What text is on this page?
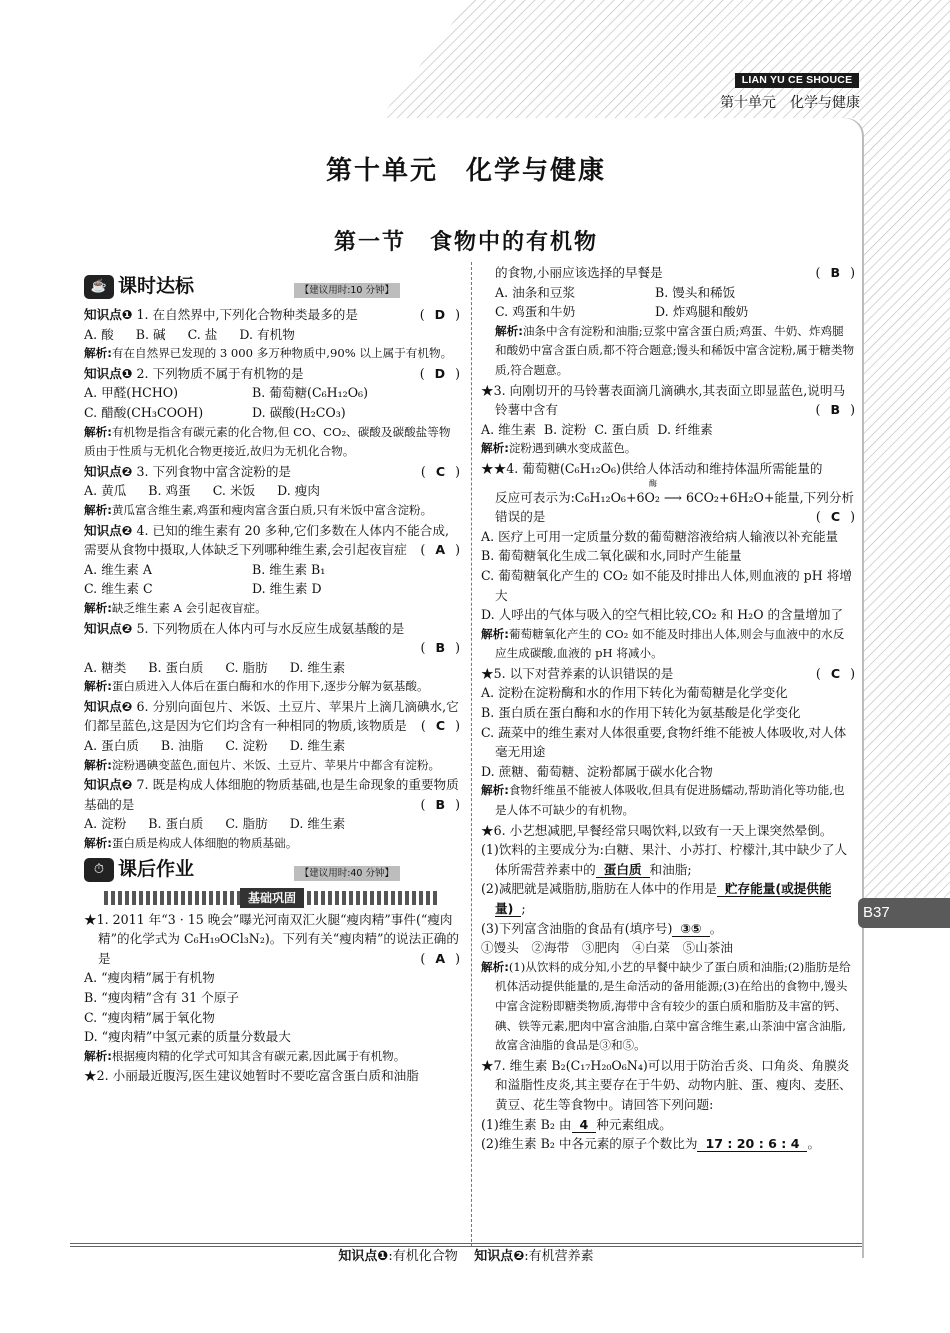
LIAN YU CE SHOUCE
第十单元　化学与健康
B37
第十单元　化学与健康
第一节　食物中的有机物
☕ 课时达标	【建议用时:10 分钟】
( D )
知识点❶ 1. 在自然界中,下列化合物种类最多的是
A. 酸 B. 碱 C. 盐 D. 有机物
解析:有在自然界已发现的 3 000 多万种物质中,90% 以上属于有机物。
( D )
知识点❶ 2. 下列物质不属于有机物的是
A. 甲醛(HCHO)	B. 葡萄糖(C₆H₁₂O₆)
C. 醋酸(CH₃COOH)	D. 碳酸(H₂CO₃)
解析:有机物是指含有碳元素的化合物,但 CO、CO₂、碳酸及碳酸盐等物质由于性质与无机化合物更接近,故归为无机化合物。
( C )
知识点❷ 3. 下列食物中富含淀粉的是
A. 黄瓜 B. 鸡蛋 C. 米饭 D. 瘦肉
解析:黄瓜富含维生素,鸡蛋和瘦肉富含蛋白质,只有米饭中富含淀粉。
知识点❷ 4. 已知的维生素有 20 多种,它们多数在人体内不能合成,需要从食物中摄取,人体缺乏下列哪种维生素,会引起夜盲症 ( A )
A. 维生素 A	B. 维生素 B₁
C. 维生素 C	D. 维生素 D
解析:缺乏维生素 A 会引起夜盲症。
知识点❷ 5. 下列物质在人体内可与水反应生成氨基酸的是
( B )
A. 糖类 B. 蛋白质 C. 脂肪 D. 维生素
解析:蛋白质进入人体后在蛋白酶和水的作用下,逐步分解为氨基酸。
知识点❷ 6. 分别向面包片、米饭、土豆片、苹果片上滴几滴碘水,它们都呈蓝色,这是因为它们均含有一种相同的物质,该物质是 ( C )
A. 蛋白质 B. 油脂 C. 淀粉 D. 维生素
解析:淀粉遇碘变蓝色,面包片、米饭、土豆片、苹果片中都含有淀粉。
知识点❷ 7. 既是构成人体细胞的物质基础,也是生命现象的重要物质基础的是	( B )
A. 淀粉 B. 蛋白质 C. 脂肪 D. 维生素
解析:蛋白质是构成人体细胞的物质基础。
⏱ 课后作业	【建议用时:40 分钟】
基础巩固
★1. 2011 年“3 · 15 晚会”曝光河南双汇火腿“瘦肉精”事件(“瘦肉精”的化学式为 C₆H₁₉OCl₃N₂)。下列有关“瘦肉精”的说法正确的是	( A )
A. “瘦肉精”属于有机物
B. “瘦肉精”含有 31 个原子
C. “瘦肉精”属于氧化物
D. “瘦肉精”中氢元素的质量分数最大
解析:根据瘦肉精的化学式可知其含有碳元素,因此属于有机物。
★2. 小丽最近腹泻,医生建议她暂时不要吃富含蛋白质和油脂
( B )
的食物,小丽应该选择的早餐是
A. 油条和豆浆	B. 馒头和稀饭
C. 鸡蛋和牛奶	D. 炸鸡腿和酸奶
解析:油条中含有淀粉和油脂;豆浆中富含蛋白质;鸡蛋、牛奶、炸鸡腿和酸奶中富含蛋白质,都不符合题意;馒头和稀饭中富含淀粉,属于糖类物质,符合题意。
★3. 向刚切开的马铃薯表面滴几滴碘水,其表面立即显蓝色,说明马铃薯中含有	( B )
A. 维生素 B. 淀粉 C. 蛋白质 D. 纤维素
解析:淀粉遇到碘水变成蓝色。
★★4. 葡萄糖(C₆H₁₂O₆)供给人体活动和维持体温所需能量的
酶
反应可表示为:C₆H₁₂O₆+6O₂ ⟶ 6CO₂+6H₂O+能量,下列分析错误的是	( C )
A. 医疗上可用一定质量分数的葡萄糖溶液给病人输液以补充能量
B. 葡萄糖氧化生成二氧化碳和水,同时产生能量
C. 葡萄糖氧化产生的 CO₂ 如不能及时排出人体,则血液的 pH 将增大
D. 人呼出的气体与吸入的空气相比较,CO₂ 和 H₂O 的含量增加了
解析:葡萄糖氧化产生的 CO₂ 如不能及时排出人体,则会与血液中的水反应生成碳酸,血液的 pH 将减小。
( C )
★5. 以下对营养素的认识错误的是
A. 淀粉在淀粉酶和水的作用下转化为葡萄糖是化学变化
B. 蛋白质在蛋白酶和水的作用下转化为氨基酸是化学变化
C. 蔬菜中的维生素对人体很重要,食物纤维不能被人体吸收,对人体毫无用途
D. 蔗糖、葡萄糖、淀粉都属于碳水化合物
解析:食物纤维虽不能被人体吸收,但具有促进肠蠕动,帮助消化等功能,也是人体不可缺少的有机物。
★6. 小艺想减肥,早餐经常只喝饮料,以致有一天上课突然晕倒。
(1)饮料的主要成分为:白糖、果汁、小苏打、柠檬汁,其中缺少了人体所需营养素中的 蛋白质 和油脂;
(2)减肥就是减脂肪,脂肪在人体中的作用是 贮存能量(或提供能量) ;
(3)下列富含油脂的食品有(填序号) ③⑤ 。
①馒头　②海带　③肥肉　④白菜　⑤山茶油
解析:(1)从饮料的成分知,小艺的早餐中缺少了蛋白质和油脂;(2)脂肪是给机体活动提供能量的,是生命活动的备用能源;(3)在给出的食物中,馒头中富含淀粉即糖类物质,海带中含有较少的蛋白质和脂肪及丰富的钙、碘、铁等元素,肥肉中富含油脂,白菜中富含维生素,山茶油中富含油脂,故富含油脂的食品是③和⑤。
★7. 维生素 B₂(C₁₇H₂₀O₆N₄)可以用于防治舌炎、口角炎、角膜炎和溢脂性皮炎,其主要存在于牛奶、动物内脏、蛋、瘦肉、麦胚、黄豆、花生等食物中。请回答下列问题:
(1)维生素 B₂ 由 4 种元素组成。
(2)维生素 B₂ 中各元素的原子个数比为 17 : 20 : 6 : 4 。
知识点❶:有机化合物 知识点❷:有机营养素
